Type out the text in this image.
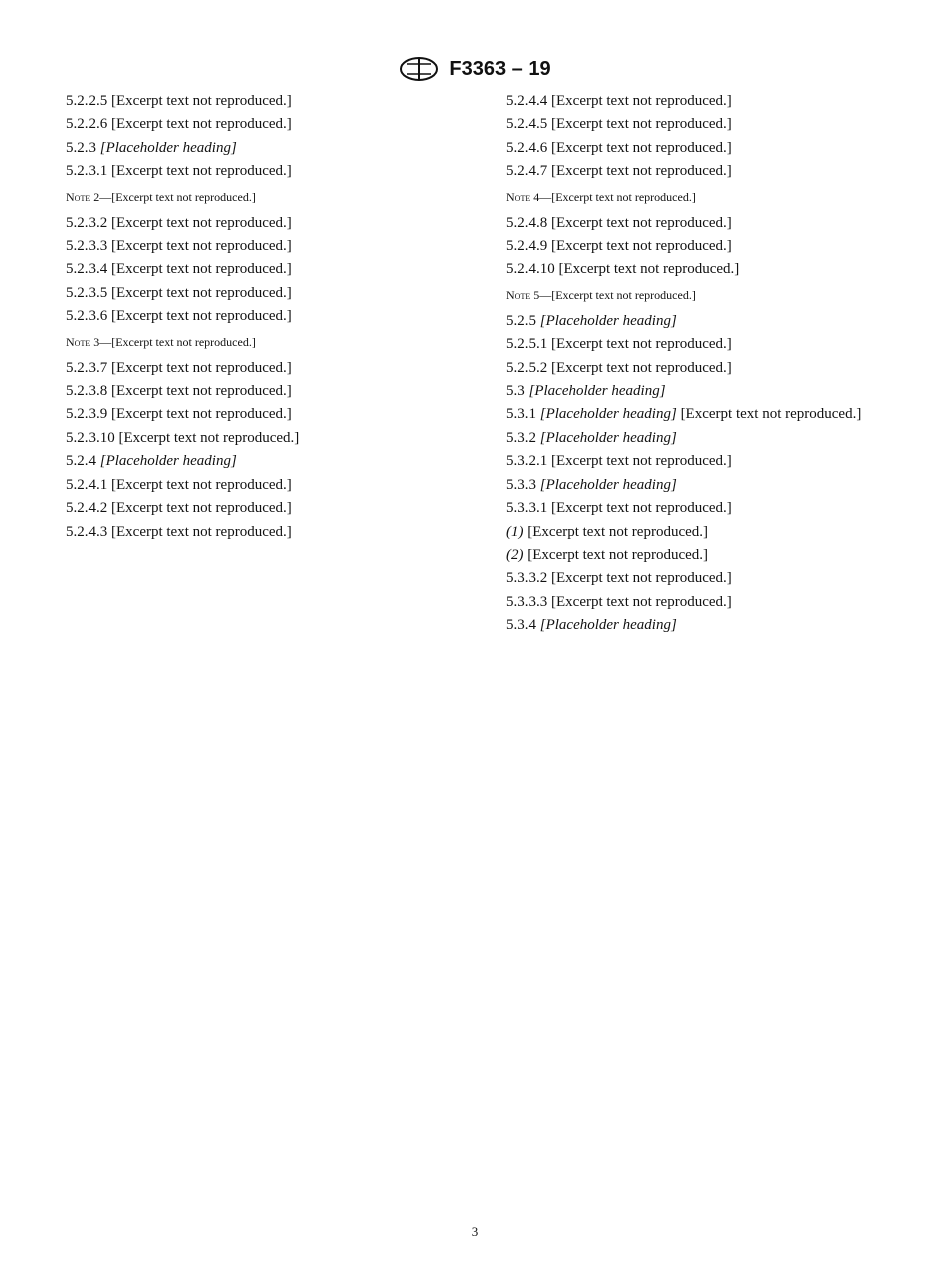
F3363 – 19

5.2.2.5 [Excerpt text not reproduced.]

5.2.2.6 [Excerpt text not reproduced.]

5.2.3 [Placeholder heading]

5.2.3.1 [Excerpt text not reproduced.]

Note 2—[Excerpt text not reproduced.]

5.2.3.2 [Excerpt text not reproduced.]

5.2.3.3 [Excerpt text not reproduced.]

5.2.3.4 [Excerpt text not reproduced.]

5.2.3.5 [Excerpt text not reproduced.]

5.2.3.6 [Excerpt text not reproduced.]

Note 3—[Excerpt text not reproduced.]

5.2.3.7 [Excerpt text not reproduced.]

5.2.3.8 [Excerpt text not reproduced.]

5.2.3.9 [Excerpt text not reproduced.]

5.2.3.10 [Excerpt text not reproduced.]

5.2.4 [Placeholder heading]

5.2.4.1 [Excerpt text not reproduced.]

5.2.4.2 [Excerpt text not reproduced.]

5.2.4.3 [Excerpt text not reproduced.]

5.2.4.4 [Excerpt text not reproduced.]

5.2.4.5 [Excerpt text not reproduced.]

5.2.4.6 [Excerpt text not reproduced.]

5.2.4.7 [Excerpt text not reproduced.]

Note 4—[Excerpt text not reproduced.]

5.2.4.8 [Excerpt text not reproduced.]

5.2.4.9 [Excerpt text not reproduced.]

5.2.4.10 [Excerpt text not reproduced.]

Note 5—[Excerpt text not reproduced.]

5.2.5 [Placeholder heading]

5.2.5.1 [Excerpt text not reproduced.]

5.2.5.2 [Excerpt text not reproduced.]

5.3 [Placeholder heading]

5.3.1 [Placeholder heading] [Excerpt text not reproduced.]

5.3.2 [Placeholder heading]

5.3.2.1 [Excerpt text not reproduced.]

5.3.3 [Placeholder heading]

5.3.3.1 [Excerpt text not reproduced.]

(1) [Excerpt text not reproduced.]

(2) [Excerpt text not reproduced.]

5.3.3.2 [Excerpt text not reproduced.]

5.3.3.3 [Excerpt text not reproduced.]

5.3.4 [Placeholder heading]

3
